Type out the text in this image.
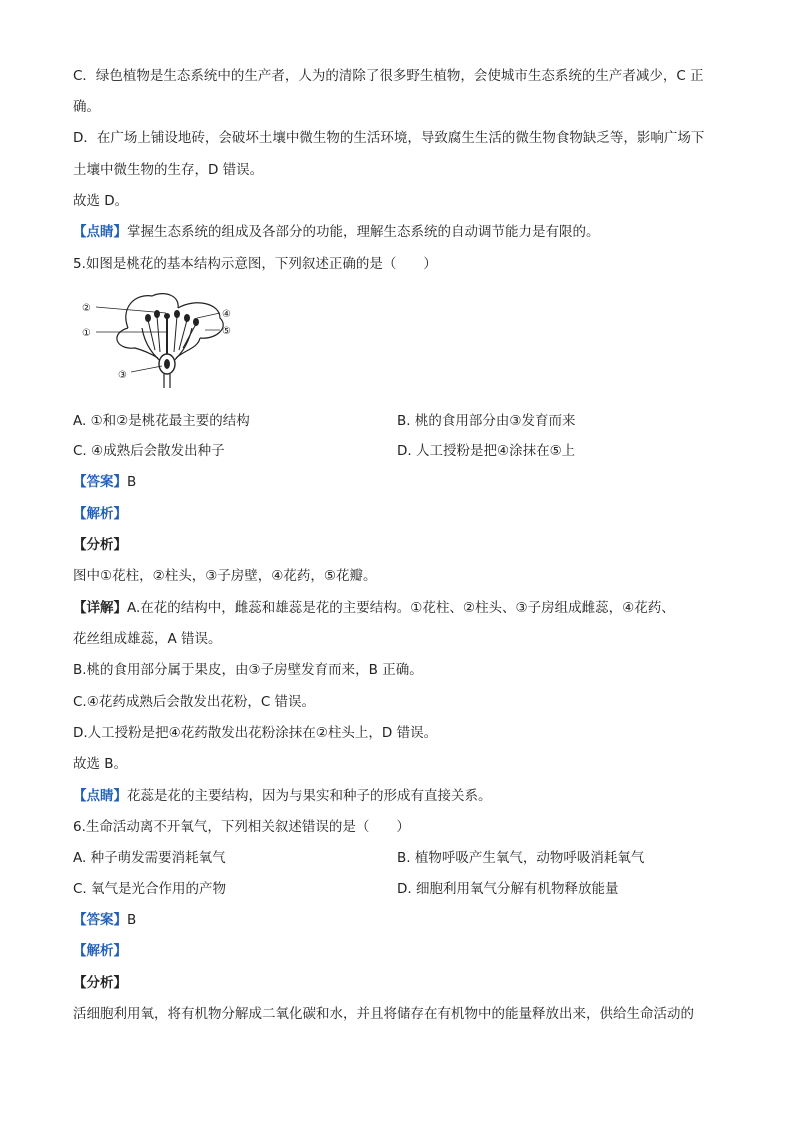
C．绿色植物是生态系统中的生产者，人为的清除了很多野生植物，会使城市生态系统的生产者减少，C 正
确。
D．在广场上铺设地砖，会破坏土壤中微生物的生活环境，导致腐生生活的微生物食物缺乏等，影响广场下
土壤中微生物的生存，D 错误。
故选 D。
【点睛】掌握生态系统的组成及各部分的功能，理解生态系统的自动调节能力是有限的。
5.如图是桃花的基本结构示意图，下列叙述正确的是（　　）
②
①
③
④
⑤
A. ①和②是桃花最主要的结构	B. 桃的食用部分由③发育而来
C. ④成熟后会散发出种子	D. 人工授粉是把④涂抹在⑤上
【答案】B
【解析】
【分析】
图中①花柱，②柱头，③子房壁，④花药，⑤花瓣。
【详解】A.在花的结构中，雌蕊和雄蕊是花的主要结构。①花柱、②柱头、③子房组成雌蕊，④花药、
花丝组成雄蕊，A 错误。
B.桃的食用部分属于果皮，由③子房壁发育而来，B 正确。
C.④花药成熟后会散发出花粉，C 错误。
D.人工授粉是把④花药散发出花粉涂抹在②柱头上，D 错误。
故选 B。
【点睛】花蕊是花的主要结构，因为与果实和种子的形成有直接关系。
6.生命活动离不开氧气，下列相关叙述错误的是（　　）
A. 种子萌发需要消耗氧气	B. 植物呼吸产生氧气，动物呼吸消耗氧气
C. 氧气是光合作用的产物	D. 细胞利用氧气分解有机物释放能量
【答案】B
【解析】
【分析】
活细胞利用氧，将有机物分解成二氧化碳和水，并且将储存在有机物中的能量释放出来，供给生命活动的
